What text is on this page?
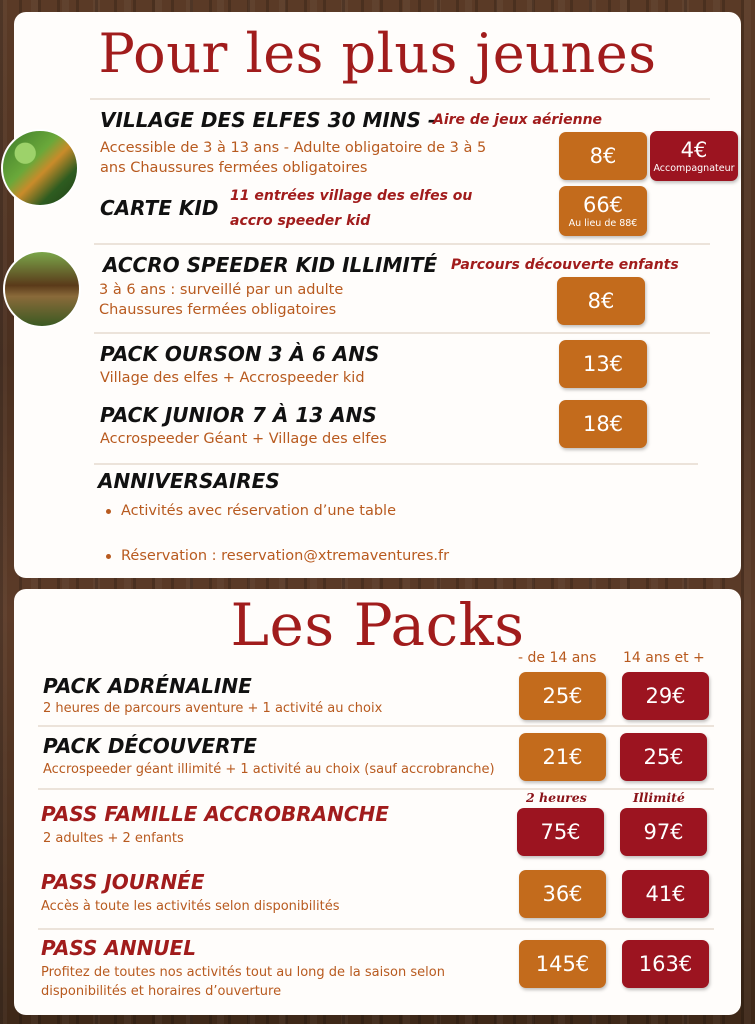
Pour les plus jeunes
VILLAGE DES ELFES 30 MINS –
Aire de jeux aérienne
Accessible de 3 à 13 ans - Adulte obligatoire de 3 à 5
ans Chaussures fermées obligatoires	8€	4€
Accompagnateur
CARTE KID 11 entrées village des elfes ou
accro speeder kid
66€
Au lieu de 88€
ACCRO SPEEDER KID ILLIMITÉ Parcours découverte enfants
3 à 6 ans : surveillé par un adulte
Chaussures fermées obligatoires	8€
PACK OURSON 3 À 6 ANS
Village des elfes + Accrospeeder kid
13€
PACK JUNIOR 7 À 13 ANS
Accrospeeder Géant + Village des elfes
18€
ANNIVERSAIRES
Activités avec réservation d’une table
Réservation : reservation@xtremaventures.fr
Les Packs
- de 14 ans 14 ans et +
PACK ADRÉNALINE
2 heures de parcours aventure + 1 activité au choix
25€	29€
PACK DÉCOUVERTE
Accrospeeder géant illimité + 1 activité au choix (sauf accrobranche)
21€	25€
2 heures	Illimité
PASS FAMILLE ACCROBRANCHE
2 adultes + 2 enfants	75€	97€
PASS JOURNÉE
Accès à toute les activités selon disponibilités
36€	41€
PASS ANNUEL
Profitez de toutes nos activités tout au long de la saison selon
disponibilités et horaires d’ouverture
145€ 163€
